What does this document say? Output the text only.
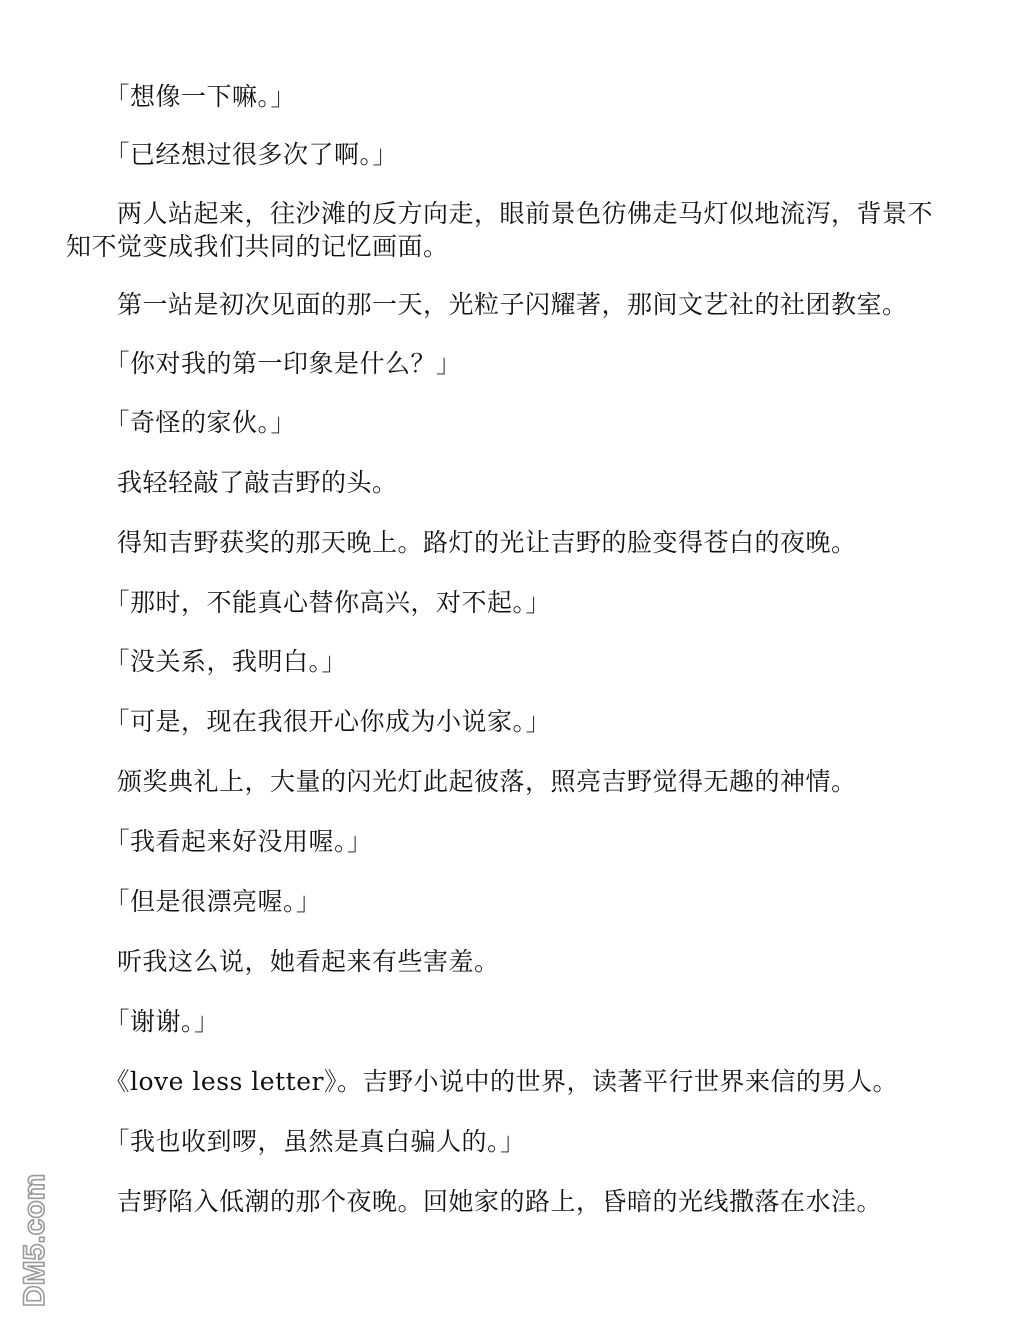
　　「想像一下嘛。」

　　「已经想过很多次了啊。」

　　两人站起来，往沙滩的反方向走，眼前景色彷佛走马灯似地流泻，背景不知不觉变成我们共同的记忆画面。

　　第一站是初次见面的那一天，光粒子闪耀著，那间文艺社的社团教室。

　　「你对我的第一印象是什么？」

　　「奇怪的家伙。」

　　我轻轻敲了敲吉野的头。

　　得知吉野获奖的那天晚上。路灯的光让吉野的脸变得苍白的夜晚。

　　「那时，不能真心替你高兴，对不起。」

　　「没关系，我明白。」

　　「可是，现在我很开心你成为小说家。」

　　颁奖典礼上，大量的闪光灯此起彼落，照亮吉野觉得无趣的神情。

　　「我看起来好没用喔。」

　　「但是很漂亮喔。」

　　听我这么说，她看起来有些害羞。

　　「谢谢。」

　　《love less letter》。吉野小说中的世界，读著平行世界来信的男人。

　　「我也收到啰，虽然是真白骗人的。」

　　吉野陷入低潮的那个夜晚。回她家的路上，昏暗的光线撒落在水洼。

DM5.com
